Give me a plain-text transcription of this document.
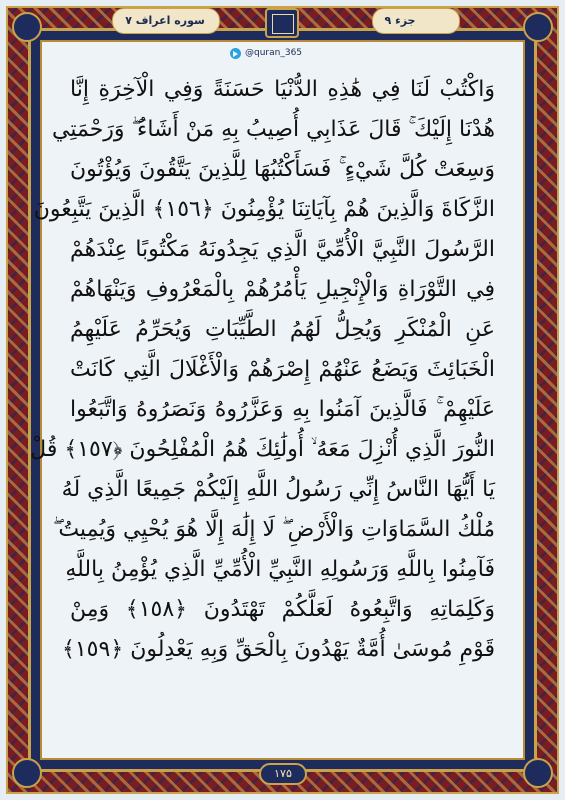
جزء ۹
سوره اعراف ۷
@quran_365
وَاكْتُبْ لَنَا فِي هَٰذِهِ الدُّنْيَا حَسَنَةً وَفِي الْآخِرَةِ إِنَّا
هُدْنَا إِلَيْكَ ۚ قَالَ عَذَابِي أُصِيبُ بِهِ مَنْ أَشَاءُ ۖ وَرَحْمَتِي
وَسِعَتْ كُلَّ شَيْءٍ ۚ فَسَأَكْتُبُهَا لِلَّذِينَ يَتَّقُونَ وَيُؤْتُونَ
الزَّكَاةَ وَالَّذِينَ هُمْ بِآيَاتِنَا يُؤْمِنُونَ ﴿١٥٦﴾ الَّذِينَ يَتَّبِعُونَ
الرَّسُولَ النَّبِيَّ الْأُمِّيَّ الَّذِي يَجِدُونَهُ مَكْتُوبًا عِنْدَهُمْ
فِي التَّوْرَاةِ وَالْإِنْجِيلِ يَأْمُرُهُمْ بِالْمَعْرُوفِ وَيَنْهَاهُمْ
عَنِ الْمُنْكَرِ وَيُحِلُّ لَهُمُ الطَّيِّبَاتِ وَيُحَرِّمُ عَلَيْهِمُ
الْخَبَائِثَ وَيَضَعُ عَنْهُمْ إِصْرَهُمْ وَالْأَغْلَالَ الَّتِي كَانَتْ
عَلَيْهِمْ ۚ فَالَّذِينَ آمَنُوا بِهِ وَعَزَّرُوهُ وَنَصَرُوهُ وَاتَّبَعُوا
النُّورَ الَّذِي أُنْزِلَ مَعَهُ ۙ أُولَٰئِكَ هُمُ الْمُفْلِحُونَ ﴿١٥٧﴾ قُلْ
يَا أَيُّهَا النَّاسُ إِنِّي رَسُولُ اللَّهِ إِلَيْكُمْ جَمِيعًا الَّذِي لَهُ
مُلْكُ السَّمَاوَاتِ وَالْأَرْضِ ۖ لَا إِلَٰهَ إِلَّا هُوَ يُحْيِي وَيُمِيتُ ۖ
فَآمِنُوا بِاللَّهِ وَرَسُولِهِ النَّبِيِّ الْأُمِّيِّ الَّذِي يُؤْمِنُ بِاللَّهِ
وَكَلِمَاتِهِ وَاتَّبِعُوهُ لَعَلَّكُمْ تَهْتَدُونَ ﴿١٥٨﴾ وَمِنْ
قَوْمِ مُوسَىٰ أُمَّةٌ يَهْدُونَ بِالْحَقِّ وَبِهِ يَعْدِلُونَ ﴿١٥٩﴾
۱۷۵
